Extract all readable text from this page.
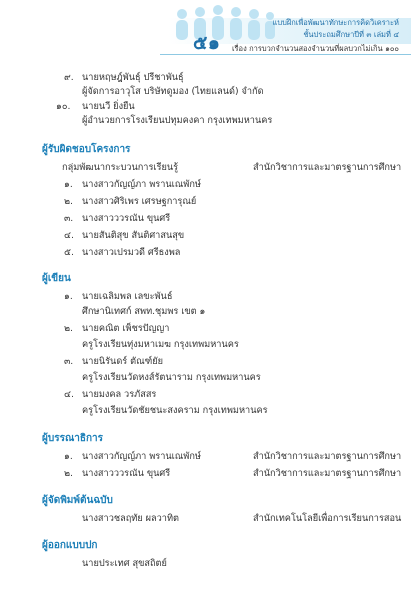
๕๑
แบบฝึกเพื่อพัฒนาทักษะการคิดวิเคราะห์
ชั้นประถมศึกษาปีที่ ๓ เล่มที่ ๔
เรื่อง การบวกจำนวนสองจำนวนที่ผลบวกไม่เกิน ๑๐๐
๙. นายหฤษฎ์พันธุ์ ปรีชาพันธุ์
ผู้จัดการอาวุโส บริษัทดูมอง (ไทยแลนด์) จำกัด
๑๐. นายนวี ยิ่งยืน
ผู้อำนวยการโรงเรียนปทุมคงคา กรุงเทพมหานคร
ผู้รับผิดชอบโครงการ
กลุ่มพัฒนากระบวนการเรียนรู้	สำนักวิชาการและมาตรฐานการศึกษา
๑. นางสาวกัญญ์ภา พรานเณพักษ์
๒. นางสาวศิริเพร เศรษฐการุณย์
๓. นางสาวววรณัน ขุนศรี
๔. นายสันติสุข สันติศาสนสุข
๕. นางสาวเปรมวดี ศรีธงพล
ผู้เขียน
๑. นายเฉลิมพล เลขะพันธ์
ศึกษานิเทศก์ สพท.ชุมพร เขต ๑
๒. นายคณิต เพ็ชรปัญญา
ครูโรงเรียนทุ่งมหาเมฆ กรุงเทพมหานคร
๓. นายนิรันดร์ ตัณฑ์ยัย
ครูโรงเรียนวัดหงส์รัตนาราม กรุงเทพมหานคร
๔. นายมงคล วรภัสสร
ครูโรงเรียนวัดชัยชนะสงคราม กรุงเทพมหานคร
ผู้บรรณาธิการ
๑. นางสาวกัญญ์ภา พรานเณพักษ์	สำนักวิชาการและมาตรฐานการศึกษา
๒. นางสาวววรณัน ขุนศรี	สำนักวิชาการและมาตรฐานการศึกษา
ผู้จัดพิมพ์ต้นฉบับ
นางสาวชลฤทัย ผลวาทิต	สำนักเทคโนโลยีเพื่อการเรียนการสอน
ผู้ออกแบบปก
นายประเทศ สุขสถิตย์
